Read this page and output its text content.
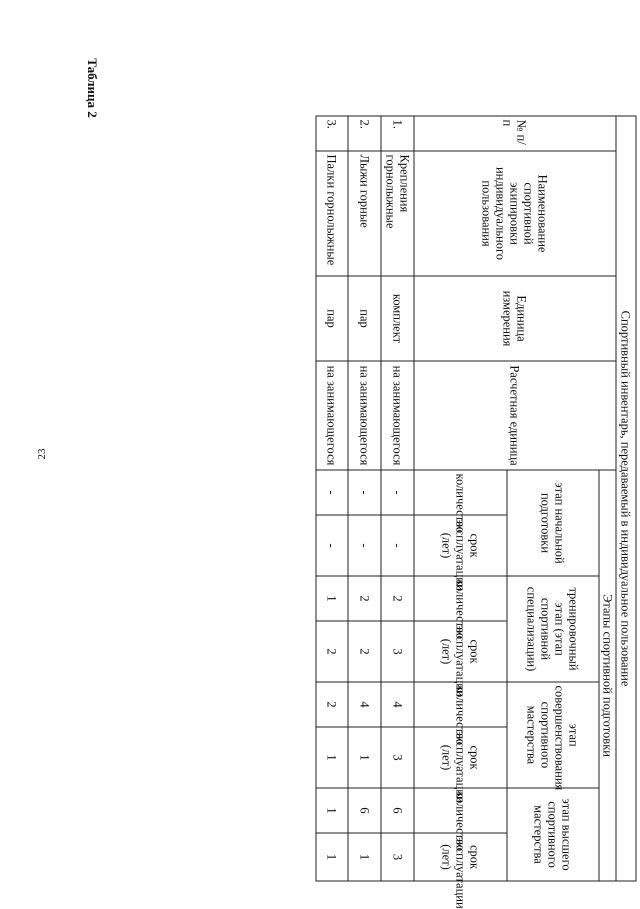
23
Таблица 2
Спортивный инвентарь, передаваемый в индивидуальное пользование											
№ п/ п	Наименование спортивной экипировки индивидуального пользования	Единица измерения	Расчетная единица	Этапы спортивной подготовки							
				этап начальной подготовки		тренировочный этап (этап спортивной специализации)		этап совершенствования спортивного мастерства		этап высшего спортивного мастерства	
				количество	срок эксплуатации (лет)	количество	срок эксплуатации (лет)	количество	срок эксплуатации (лет)	количество	срок эксплуатации (лет)
1.	Крепления горнолыжные	комплект	на занимающегося	-	-	2	3	4	3	6	3
2.	Лыжи горные	пар	на занимающегося	-	-	2	2	4	1	6	1
3.	Палки горнолыжные	пар	на занимающегося	-	-	1	2	2	1	1	1
